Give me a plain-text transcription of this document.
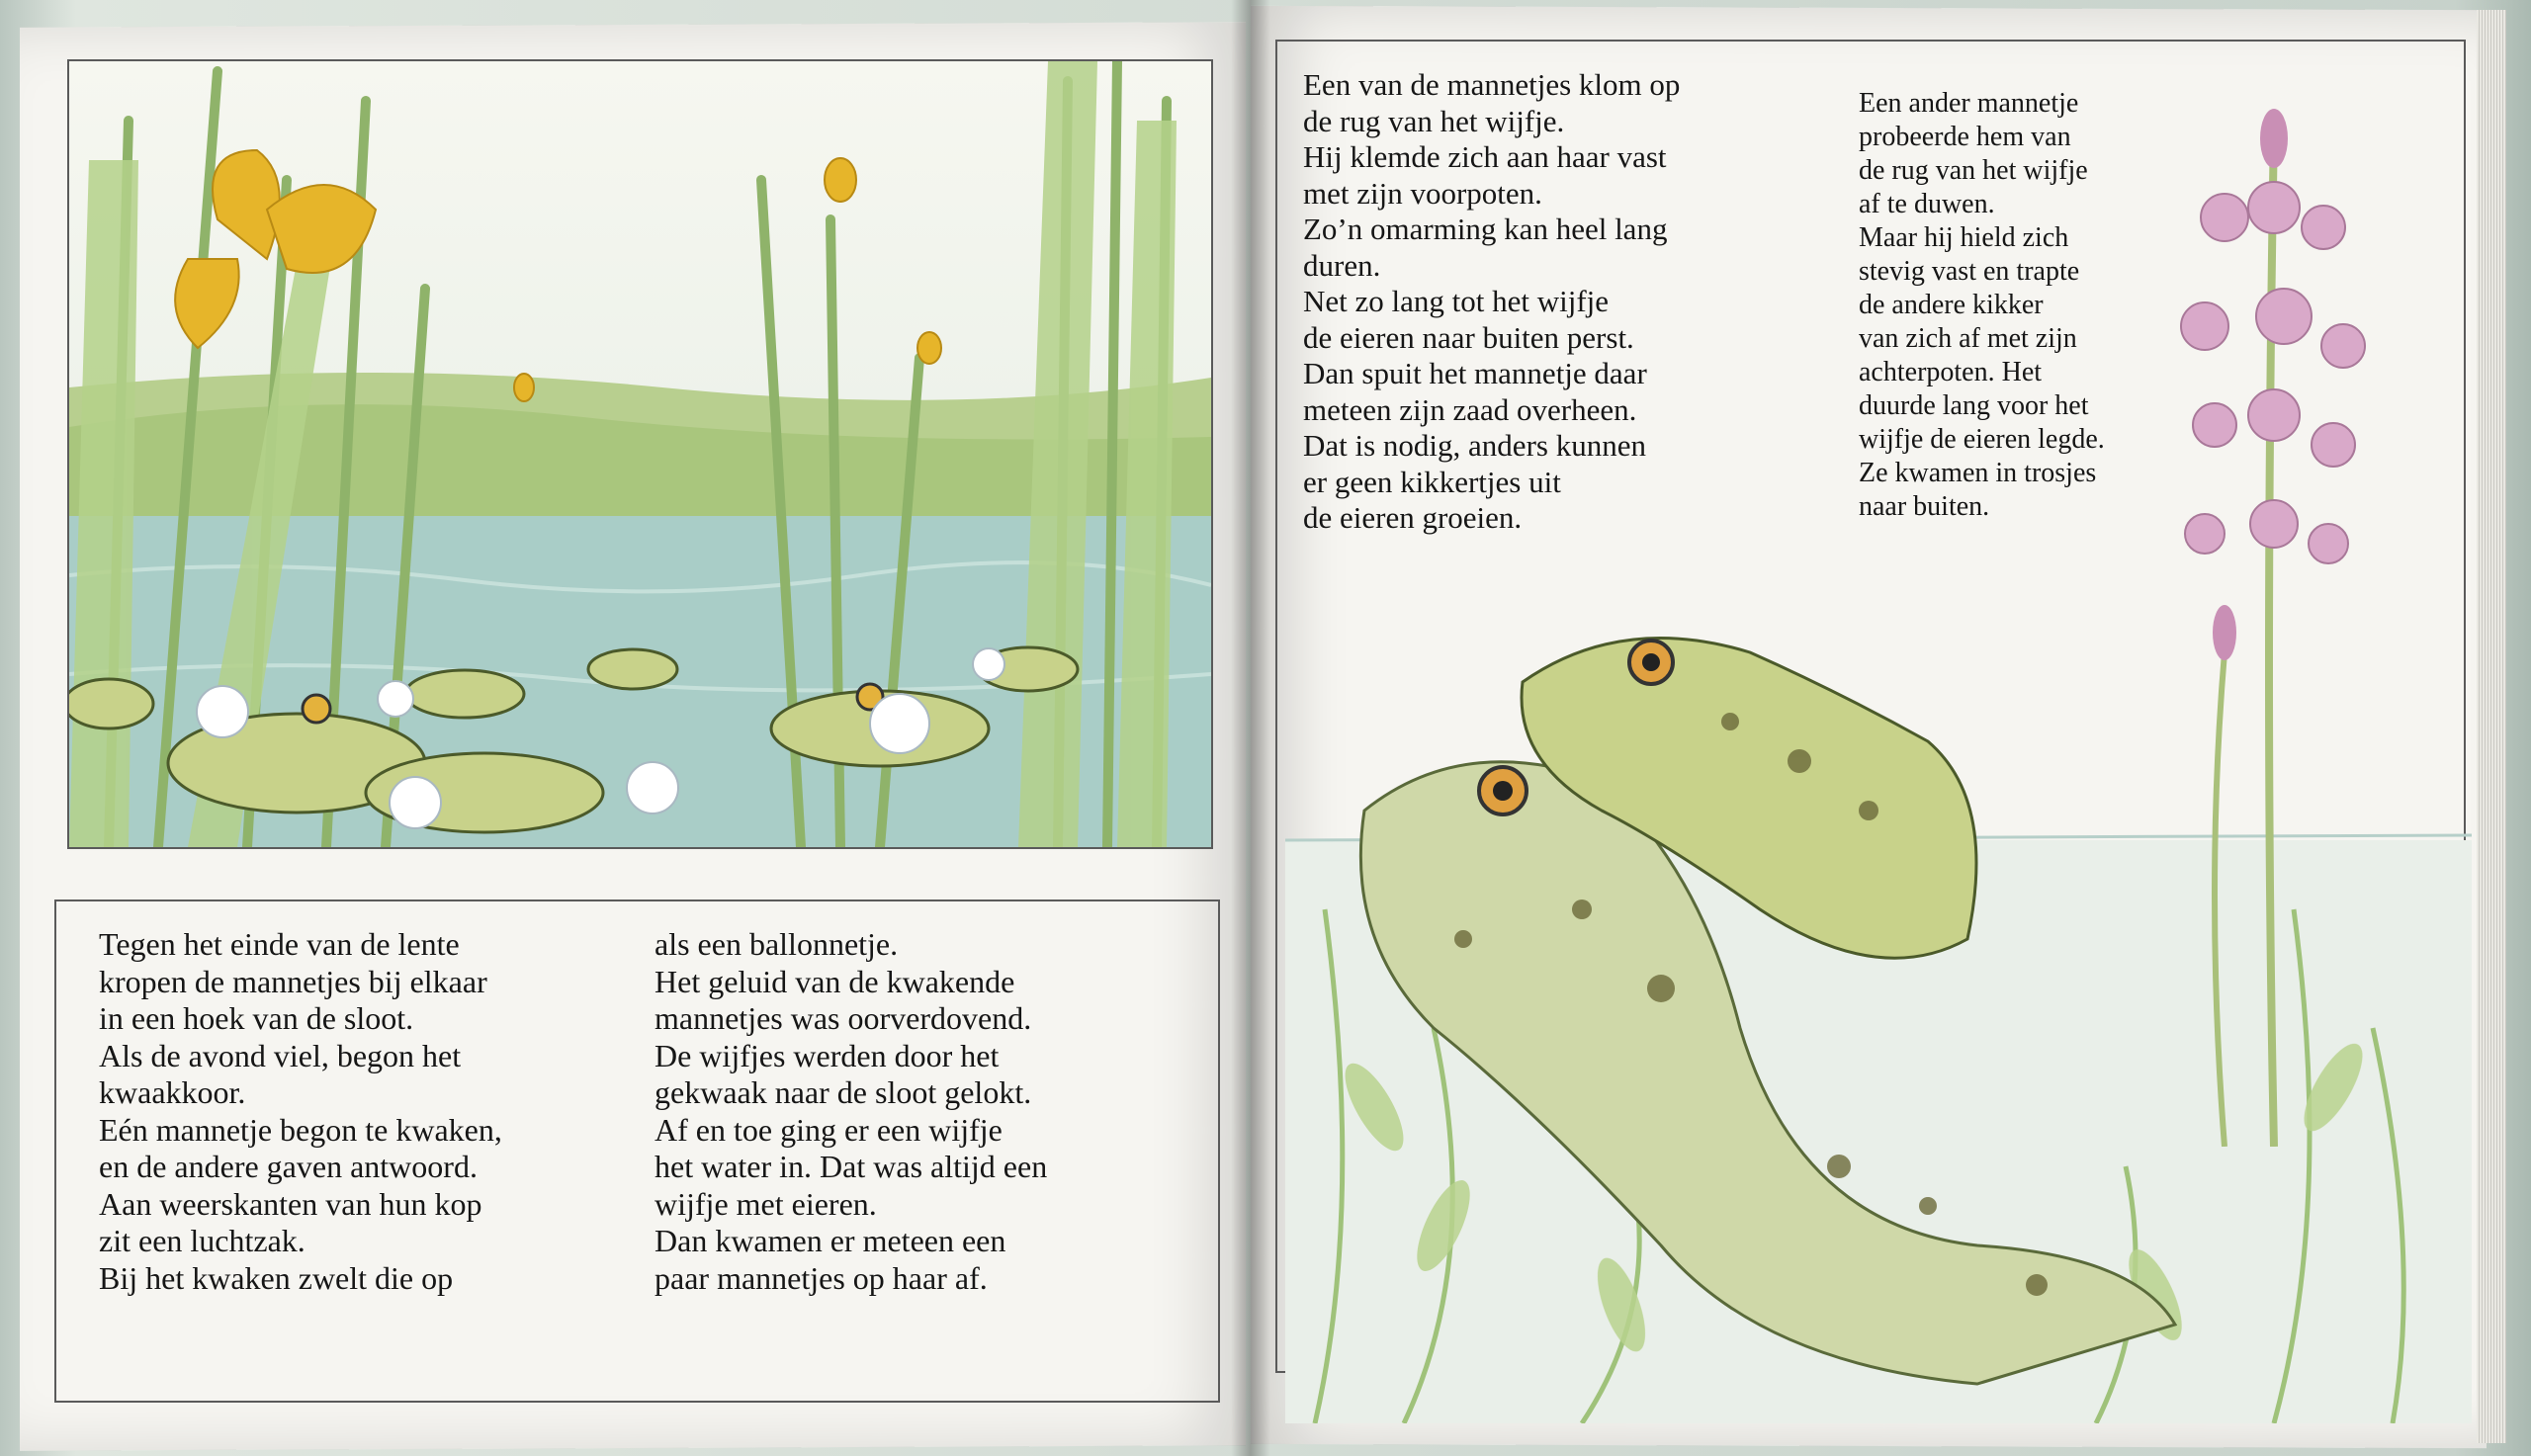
Tegen het einde van de lente

kropen de mannetjes bij elkaar

in een hoek van de sloot.

Als de avond viel, begon het

kwaakkoor.

Eén mannetje begon te kwaken,

en de andere gaven antwoord.

Aan weerskanten van hun kop

zit een luchtzak.

Bij het kwaken zwelt die op

als een ballonnetje.

Het geluid van de kwakende

mannetjes was oorverdovend.

De wijfjes werden door het

gekwaak naar de sloot gelokt.

Af en toe ging er een wijfje

het water in. Dat was altijd een

wijfje met eieren.

Dan kwamen er meteen een

paar mannetjes op haar af.

Een van de mannetjes klom op

de rug van het wijfje.

Hij klemde zich aan haar vast

met zijn voorpoten.

Zo’n omarming kan heel lang

duren.

Net zo lang tot het wijfje

de eieren naar buiten perst.

Dan spuit het mannetje daar

meteen zijn zaad overheen.

Dat is nodig, anders kunnen

er geen kikkertjes uit

de eieren groeien.

Een ander mannetje

probeerde hem van

de rug van het wijfje

af te duwen.

Maar hij hield zich

stevig vast en trapte

de andere kikker

van zich af met zijn

achterpoten. Het

duurde lang voor het

wijfje de eieren legde.

Ze kwamen in trosjes

naar buiten.
